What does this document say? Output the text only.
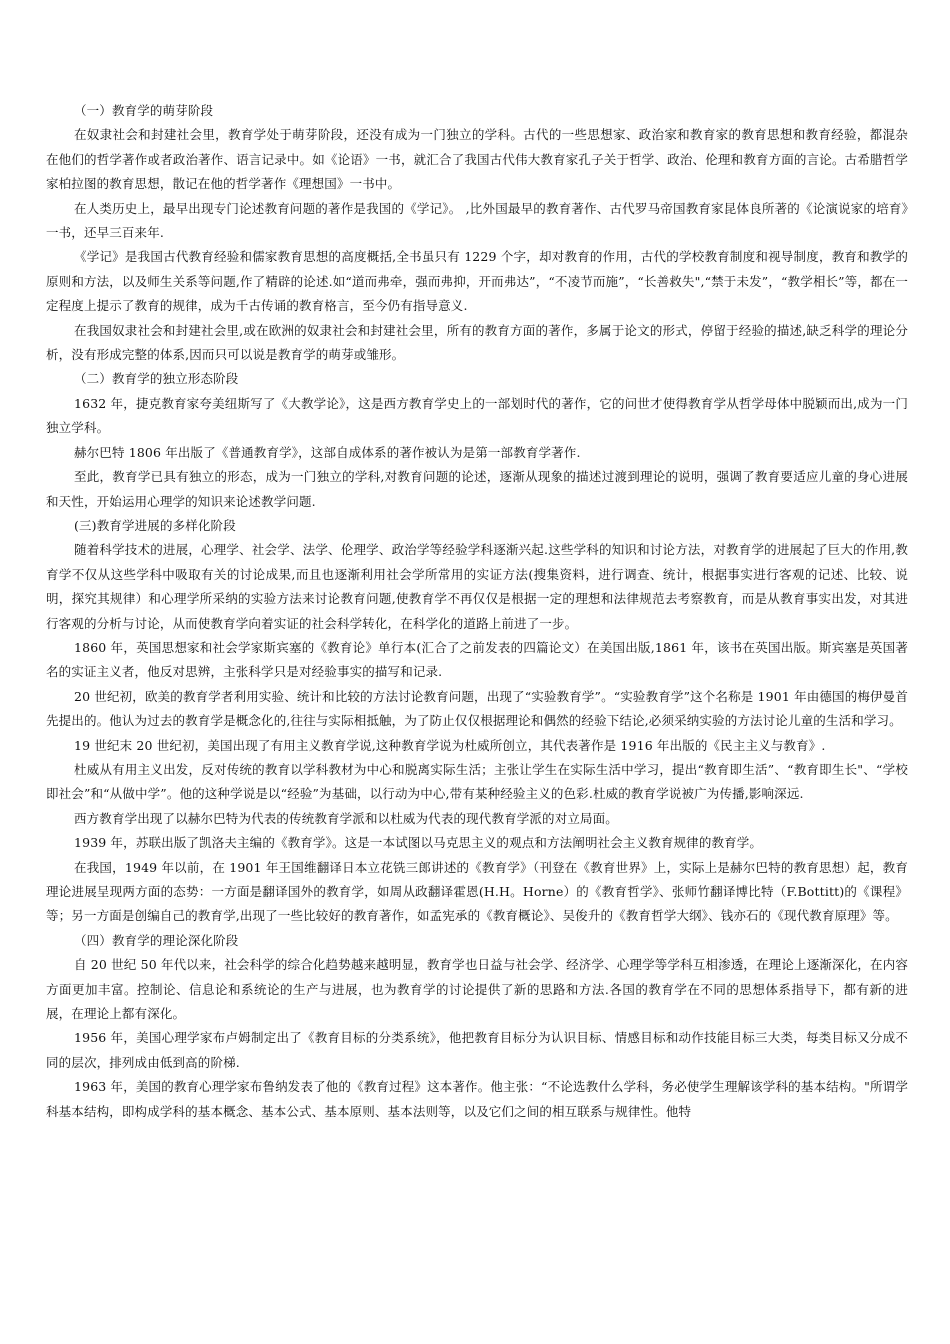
（一）教育学的萌芽阶段

在奴隶社会和封建社会里，教育学处于萌芽阶段，还没有成为一门独立的学科。古代的一些思想家、政治家和教育家的教育思想和教育经验，都混杂在他们的哲学著作或者政治著作、语言记录中。如《论语》一书，就汇合了我国古代伟大教育家孔子关于哲学、政治、伦理和教育方面的言论。古希腊哲学家柏拉图的教育思想，散记在他的哲学著作《理想国》一书中。

在人类历史上，最早出现专门论述教育问题的著作是我国的《学记》。 ,比外国最早的教育著作、古代罗马帝国教育家昆体良所著的《论演说家的培育》一书，还早三百来年.

《学记》是我国古代教育经验和儒家教育思想的高度概括,全书虽只有 1229 个字，却对教育的作用，古代的学校教育制度和视导制度，教育和教学的原则和方法，以及师生关系等问题,作了精辟的论述.如“道而弗牵，强而弗抑，开而弗达”，“不凌节而施”，“长善救失",“禁于未发”，“教学相长”等，都在一定程度上提示了教育的规律，成为千古传诵的教育格言，至今仍有指导意义.

在我国奴隶社会和封建社会里,或在欧洲的奴隶社会和封建社会里，所有的教育方面的著作，多属于论文的形式，停留于经验的描述,缺乏科学的理论分析，没有形成完整的体系,因而只可以说是教育学的萌芽或雏形。

（二）教育学的独立形态阶段

1632 年，捷克教育家夸美纽斯写了《大教学论》，这是西方教育学史上的一部划时代的著作，它的问世才使得教育学从哲学母体中脱颖而出,成为一门独立学科。

赫尔巴特 1806 年出版了《普通教育学》，这部自成体系的著作被认为是第一部教育学著作.

至此，教育学已具有独立的形态，成为一门独立的学科,对教育问题的论述，逐渐从现象的描述过渡到理论的说明，强调了教育要适应儿童的身心进展和天性，开始运用心理学的知识来论述教学问题.

(三)教育学进展的多样化阶段

随着科学技术的进展，心理学、社会学、法学、伦理学、政治学等经验学科逐渐兴起.这些学科的知识和讨论方法，对教育学的进展起了巨大的作用,教育学不仅从这些学科中吸取有关的讨论成果,而且也逐渐利用社会学所常用的实证方法(搜集资料，进行调查、统计，根据事实进行客观的记述、比较、说明，探究其规律）和心理学所采纳的实验方法来讨论教育问题,使教育学不再仅仅是根据一定的理想和法律规范去考察教育，而是从教育事实出发，对其进行客观的分析与讨论，从而使教育学向着实证的社会科学转化，在科学化的道路上前进了一步。

1860 年，英国思想家和社会学家斯宾塞的《教育论》单行本(汇合了之前发表的四篇论文）在美国出版,1861 年，该书在英国出版。斯宾塞是英国著名的实证主义者，他反对思辨，主张科学只是对经验事实的描写和记录.

20 世纪初，欧美的教育学者利用实验、统计和比较的方法讨论教育问题，出现了“实验教育学”。“实验教育学”这个名称是 1901 年由德国的梅伊曼首先提出的。他认为过去的教育学是概念化的,往往与实际相抵触，为了防止仅仅根据理论和偶然的经验下结论,必须采纳实验的方法讨论儿童的生活和学习。

19 世纪末 20 世纪初，美国出现了有用主义教育学说,这种教育学说为杜威所创立，其代表著作是 1916 年出版的《民主主义与教育》.

杜威从有用主义出发，反对传统的教育以学科教材为中心和脱离实际生活；主张让学生在实际生活中学习，提出“教育即生活”、“教育即生长"、“学校即社会”和“从做中学”。他的这种学说是以“经验”为基础，以行动为中心,带有某种经验主义的色彩.杜威的教育学说被广为传播,影响深远.

西方教育学出现了以赫尔巴特为代表的传统教育学派和以杜威为代表的现代教育学派的对立局面。

1939 年，苏联出版了凯洛夫主编的《教育学》。这是一本试图以马克思主义的观点和方法阐明社会主义教育规律的教育学。

在我国，1949 年以前，在 1901 年王国维翻译日本立花铣三郎讲述的《教育学》（刊登在《教育世界》上，实际上是赫尔巴特的教育思想）起，教育理论进展呈现两方面的态势：一方面是翻译国外的教育学，如周从政翻译霍恩(H.H。Horne）的《教育哲学》、张师竹翻译博比特（F.Bottitt)的《课程》等；另一方面是创编自己的教育学,出现了一些比较好的教育著作，如孟宪承的《教育概论》、吴俊升的《教育哲学大纲》、钱亦石的《现代教育原理》等。

（四）教育学的理论深化阶段

自 20 世纪 50 年代以来，社会科学的综合化趋势越来越明显，教育学也日益与社会学、经济学、心理学等学科互相渗透，在理论上逐渐深化，在内容方面更加丰富。控制论、信息论和系统论的生产与进展，也为教育学的讨论提供了新的思路和方法.各国的教育学在不同的思想体系指导下，都有新的进展，在理论上都有深化。

1956 年，美国心理学家布卢姆制定出了《教育目标的分类系统》，他把教育目标分为认识目标、情感目标和动作技能目标三大类，每类目标又分成不同的层次，排列成由低到高的阶梯.

1963 年，美国的教育心理学家布鲁纳发表了他的《教育过程》这本著作。他主张：“不论选教什么学科，务必使学生理解该学科的基本结构。"所谓学科基本结构，即构成学科的基本概念、基本公式、基本原则、基本法则等，以及它们之间的相互联系与规律性。他特
